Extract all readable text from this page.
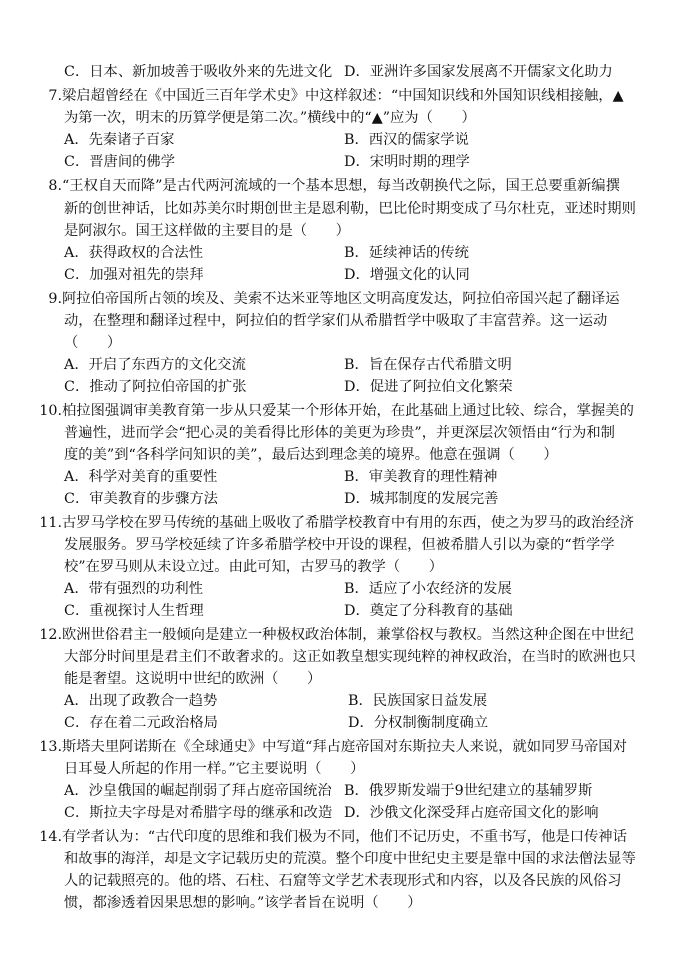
C．日本、新加坡善于吸收外来的先进文化 D．亚洲许多国家发展离不开儒家文化助力
7.梁启超曾经在《中国近三百年学术史》中这样叙述：“中国知识线和外国知识线相接触，▲
为第一次，明末的历算学便是第二次。”横线中的“▲”应为（　　）
A．先秦诸子百家	B．西汉的儒家学说
C．晋唐间的佛学	D．宋明时期的理学
8.“王权自天而降”是古代两河流域的一个基本思想，每当改朝换代之际，国王总要重新编撰
新的创世神话，比如苏美尔时期创世主是恩利勒，巴比伦时期变成了马尔杜克，亚述时期则
是阿淑尔。国王这样做的主要目的是（　　）
A．获得政权的合法性	B．延续神话的传统
C．加强对祖先的崇拜	D．增强文化的认同
9.阿拉伯帝国所占领的埃及、美索不达米亚等地区文明高度发达，阿拉伯帝国兴起了翻译运
动，在整理和翻译过程中，阿拉伯的哲学家们从希腊哲学中吸取了丰富营养。这一运动
（　　）
A．开启了东西方的文化交流	B．旨在保存古代希腊文明
C．推动了阿拉伯帝国的扩张	D．促进了阿拉伯文化繁荣
10.柏拉图强调审美教育第一步从只爱某一个形体开始，在此基础上通过比较、综合，掌握美的
普遍性，进而学会“把心灵的美看得比形体的美更为珍贵”，并更深层次领悟由“行为和制
度的美”到“各科学问知识的美”，最后达到理念美的境界。他意在强调（　　）
A．科学对美育的重要性	B．审美教育的理性精神
C．审美教育的步骤方法	D．城邦制度的发展完善
11.古罗马学校在罗马传统的基础上吸收了希腊学校教育中有用的东西，使之为罗马的政治经济
发展服务。罗马学校延续了许多希腊学校中开设的课程，但被希腊人引以为豪的“哲学学
校”在罗马则从未设立过。由此可知，古罗马的教学（　　）
A．带有强烈的功利性	B．适应了小农经济的发展
C．重视探讨人生哲理	D．奠定了分科教育的基础
12.欧洲世俗君主一般倾向是建立一种极权政治体制，兼掌俗权与教权。当然这种企图在中世纪
大部分时间里是君主们不敢奢求的。这正如教皇想实现纯粹的神权政治，在当时的欧洲也只
能是奢望。这说明中世纪的欧洲（　　）
A．出现了政教合一趋势	B．民族国家日益发展
C．存在着二元政治格局	D．分权制衡制度确立
13.斯塔夫里阿诺斯在《全球通史》中写道“拜占庭帝国对东斯拉夫人来说，就如同罗马帝国对
日耳曼人所起的作用一样。”它主要说明（　　）
A．沙皇俄国的崛起削弱了拜占庭帝国统治 B．俄罗斯发端于9世纪建立的基辅罗斯
C．斯拉夫字母是对希腊字母的继承和改造 D．沙俄文化深受拜占庭帝国文化的影响
14.有学者认为：“古代印度的思维和我们极为不同，他们不记历史，不重书写，他是口传神话
和故事的海洋，却是文字记载历史的荒漠。整个印度中世纪史主要是靠中国的求法僧法显等
人的记载照亮的。他的塔、石柱、石窟等文学艺术表现形式和内容，以及各民族的风俗习
惯，都渗透着因果思想的影响。”该学者旨在说明（　　）
